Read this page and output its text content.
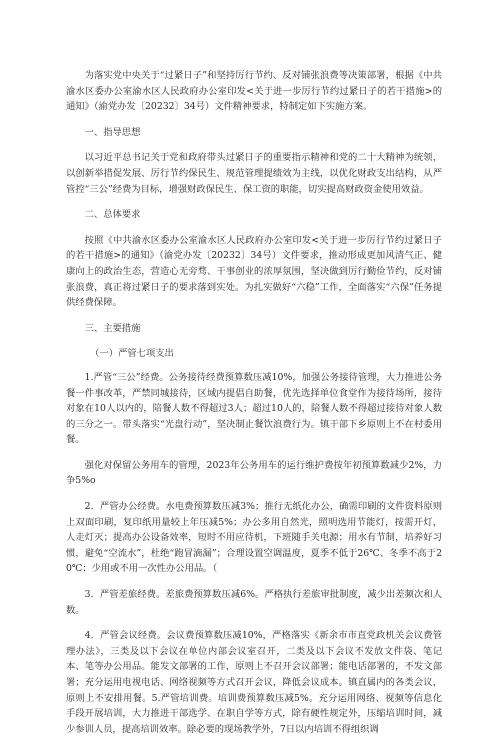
为落实党中央关于“过紧日子”和坚持厉行节约、反对铺张浪费等决策部署，根据《中共渝水区委办公室渝水区人民政府办公室印发<关于进一步厉行节约过紧日子的若干措施>的通知》（渝党办发〔20232〕34号）文件精神要求，特制定如下实施方案。

一、指导思想

以习近平总书记关于党和政府带头过紧日子的重要指示精神和党的二十大精神为统领，以创新举措促发展、厉行节约保民生、规范管理提绩效为主线，以优化财政支出结构，从严管控“三公”经费为目标，增强财政保民生、保工资的职能，切实提高财政资金使用效益。

二、总体要求

按照《中共渝水区委办公室渝水区人民政府办公室印发<关于进一步厉行节约过紧日子的若干措施>的通知》（渝党办发〔20232〕34号）文件要求，推动形成更加风清气正、健康向上的政治生态，营造心无旁骛、干事创业的浓厚氛围，坚决做到厉行勤俭节约，反对铺张浪费，真正将过紧日子的要求落到实处。为扎实做好“六稳”工作，全面落实“六保”任务提供经费保障。

三、主要措施

（一）严管七项支出

1.严管“三公”经费。公务接待经费预算数压减10%，加强公务接待管理，大力推进公务餐一件事改革，严禁同城接待，区域内提倡自助餐，优先选择单位食堂作为接待场所，接待对象在10人以内的，陪餐人数不得超过3人；超过10人的，陪餐人数不得超过接待对象人数的三分之一。带头落实“光盘行动”，坚决制止餐饮浪费行为。镇干部下乡原则上不在村委用餐。

强化对保留公务用车的管理，2023年公务用车的运行维护费按年初预算数减少2%，力争5%o

2．严管办公经费。水电费预算数压减3%；推行无纸化办公，确需印刷的文件资料原则上双面印刷，复印纸用量较上年压减5%；办公多用自然光，照明选用节能灯，按需开灯，人走灯灭；提高办公设备效率，短时不用应待机，下班随手关电源；用水有节制，培养好习惯，避免“空流水”，杜绝“跑冒滴漏”；合理设置空调温度，夏季不低于26℃、冬季不高于20℃；少用或不用一次性办公用品。（

3．严管差旅经费。差旅费预算数压减6%。严格执行差旅审批制度，减少出差频次和人数。

4．严管会议经费。会议费预算数压减10%，严格落实《新余市市直党政机关会议费管理办法》，三类及以下会议在单位内部会议室召开，二类及以下会议不发放文件袋、笔记本、笔等办公用品。能发文部署的工作，原则上不召开会议部署；能电话部署的，不发文部署；充分运用电视电话、网络视频等方式召开会议，降低会议成本。镇直属内的各类会议，原则上不安排用餐。5.严管培训费。培训费预算数压减5%。充分运用网络、视频等信息化手段开展培训，大力推进干部选学、在职自学等方式，除有硬性规定外，压缩培训时间，减少参训人员，提高培训效率。除必要的现场教学外，7日以内培训不得组织调
